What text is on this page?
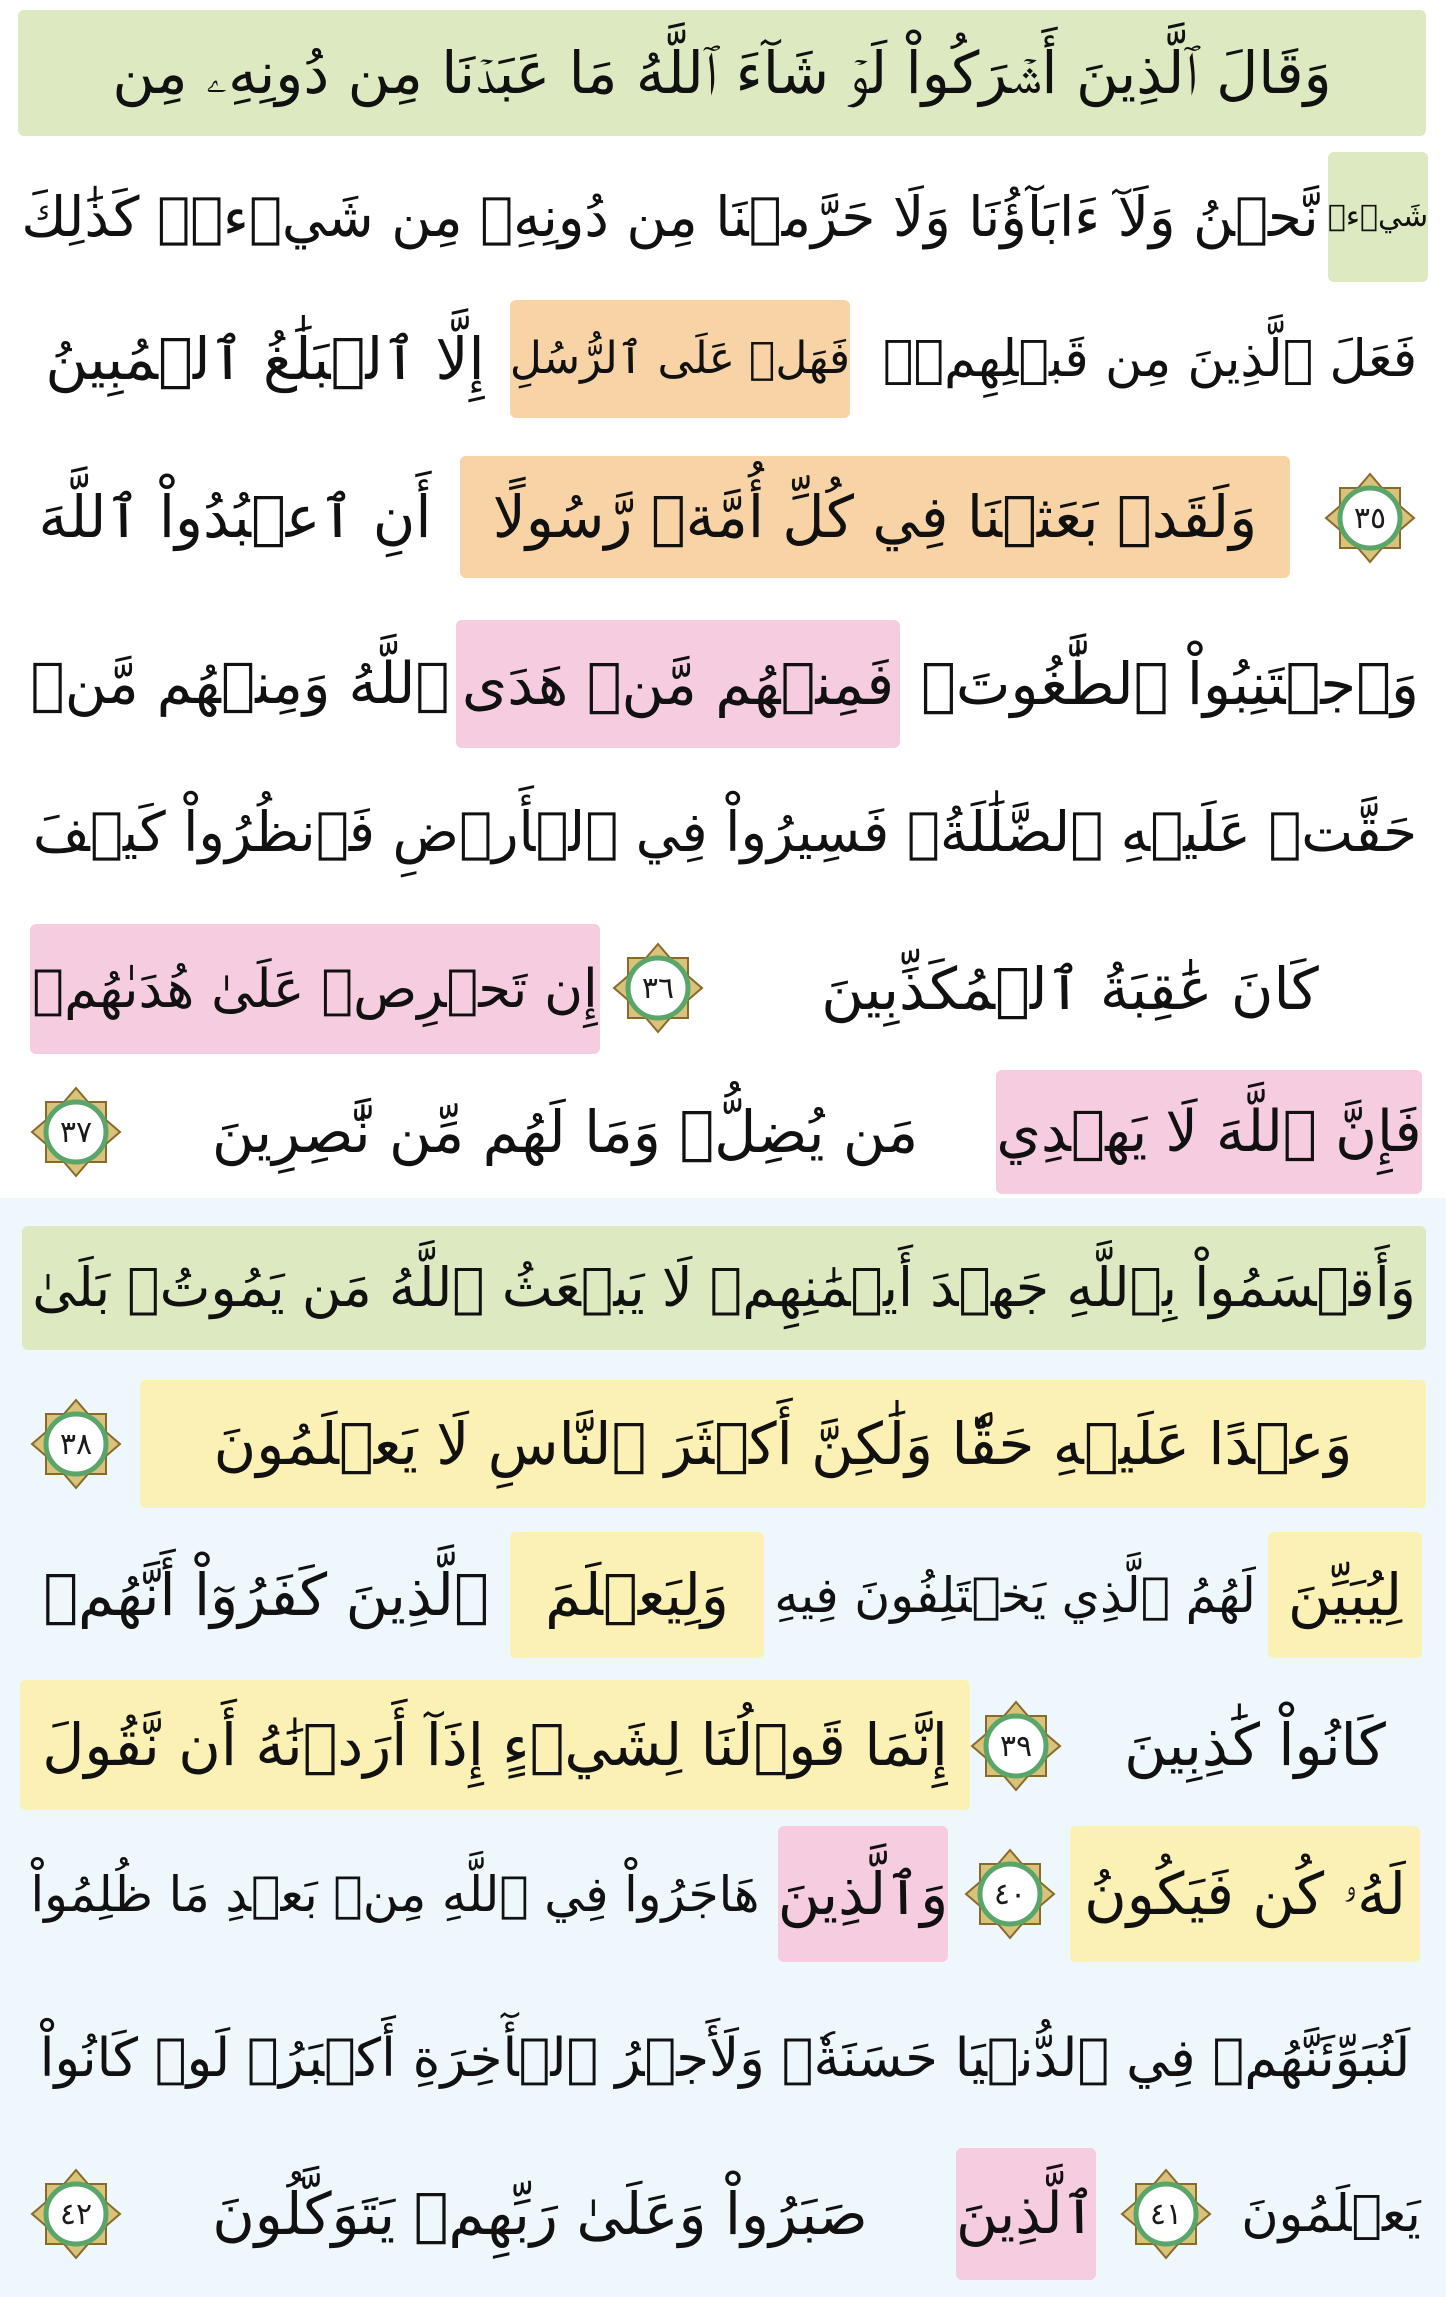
وَقَالَ ٱلَّذِينَ أَشۡرَكُواْ لَوۡ شَآءَ ٱللَّهُ مَا عَبَدۡنَا مِن دُونِهِۦ مِن
شَيۡءٖ
نَّحۡنُ وَلَآ ءَابَآؤُنَا وَلَا حَرَّمۡنَا مِن دُونِهِۦ مِن شَيۡءٖۚ كَذَٰلِكَ
فَعَلَ ٱلَّذِينَ مِن قَبۡلِهِمۡۚ
فَهَلۡ عَلَى ٱلرُّسُلِ
إِلَّا ٱلۡبَلَٰغُ ٱلۡمُبِينُ
وَلَقَدۡ بَعَثۡنَا فِي كُلِّ أُمَّةٖ رَّسُولًا
أَنِ ٱعۡبُدُواْ ٱللَّهَ	٣٥
وَٱجۡتَنِبُواْ ٱلطَّٰغُوتَۖ
فَمِنۡهُم مَّنۡ هَدَى
ٱللَّهُ وَمِنۡهُم مَّنۡ
حَقَّتۡ عَلَيۡهِ ٱلضَّلَٰلَةُۚ فَسِيرُواْ فِي ٱلۡأَرۡضِ فَٱنظُرُواْ كَيۡفَ
كَانَ عَٰقِبَةُ ٱلۡمُكَذِّبِينَ
إِن تَحۡرِصۡ عَلَىٰ هُدَىٰهُمۡ ٣٦
فَإِنَّ ٱللَّهَ لَا يَهۡدِي
مَن يُضِلُّۖ وَمَا لَهُم مِّن نَّٰصِرِينَ
٣٧
وَأَقۡسَمُواْ بِٱللَّهِ جَهۡدَ أَيۡمَٰنِهِمۡ لَا يَبۡعَثُ ٱللَّهُ مَن يَمُوتُۚ بَلَىٰ
وَعۡدًا عَلَيۡهِ حَقّٗا وَلَٰكِنَّ أَكۡثَرَ ٱلنَّاسِ لَا يَعۡلَمُونَ
٣٨
لِيُبَيِّنَ
لَهُمُ ٱلَّذِي يَخۡتَلِفُونَ فِيهِ
وَلِيَعۡلَمَ
ٱلَّذِينَ كَفَرُوٓاْ أَنَّهُمۡ
كَانُواْ كَٰذِبِينَ
إِنَّمَا قَوۡلُنَا لِشَيۡءٍ إِذَآ أَرَدۡنَٰهُ أَن نَّقُولَ	٣٩
لَهُۥ كُن فَيَكُونُ
وَٱلَّذِينَ
هَاجَرُواْ فِي ٱللَّهِ مِنۢ بَعۡدِ مَا ظُلِمُواْ	٤٠
لَنُبَوِّئَنَّهُمۡ فِي ٱلدُّنۡيَا حَسَنَةٗۖ وَلَأَجۡرُ ٱلۡأٓخِرَةِ أَكۡبَرُۚ لَوۡ كَانُواْ
يَعۡلَمُونَ
ٱلَّذِينَ
صَبَرُواْ وَعَلَىٰ رَبِّهِمۡ يَتَوَكَّلُونَ	٤١
٤٢
